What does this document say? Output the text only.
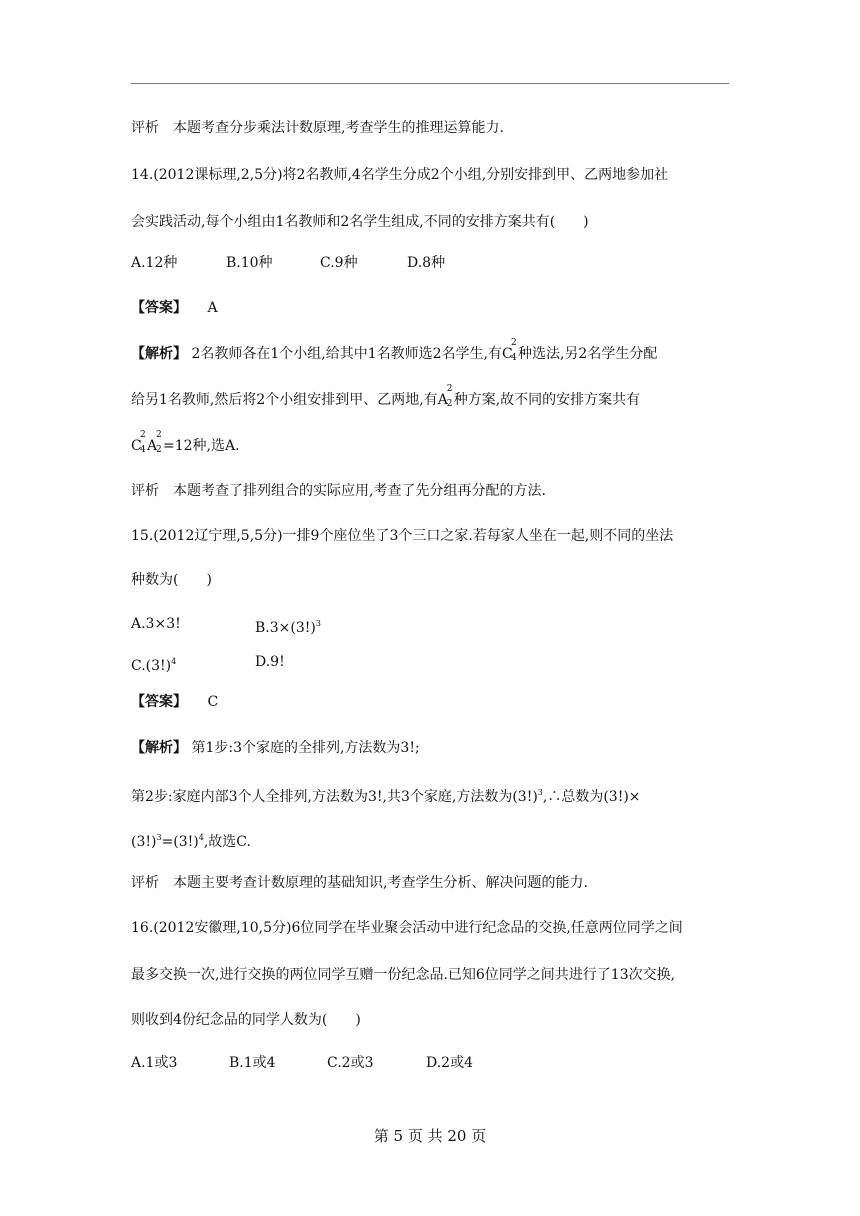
评析　本题考查分步乘法计数原理,考查学生的推理运算能力.
14.(2012课标理,2,5分)将2名教师,4名学生分成2个小组,分别安排到甲、乙两地参加社
会实践活动,每个小组由1名教师和2名学生组成,不同的安排方案共有(　　)
A.12种	B.10种	C.9种	D.8种
【答案】 A
【解析】 2名教师各在1个小组,给其中1名教师选2名学生,有C
2
4 种选法,另2名学生分配
给另1名教师,然后将2个小组安排到甲、乙两地,有A
2
2 种方案,故不同的安排方案共有
C
2
4 A
2
2 =12种,选A.
评析　本题考查了排列组合的实际应用,考查了先分组再分配的方法.
15.(2012辽宁理,5,5分)一排9个座位坐了3个三口之家.若每家人坐在一起,则不同的坐法
种数为(　　)
A.3×3!	$B.3\times(3!)^3$
$C.(3!)^4$	D.9!
【答案】 C
【解析】 第1步:3个家庭的全排列,方法数为3!;
第2步:家庭内部3个人全排列,方法数为3!,共3个家庭,方法数为$(3!)^3,\therefore$总数为(3!)×
$(3!)^3=(3!)^4$,故选C.
评析　本题主要考查计数原理的基础知识,考查学生分析、解决问题的能力.
16.(2012安徽理,10,5分)6位同学在毕业聚会活动中进行纪念品的交换,任意两位同学之间
最多交换一次,进行交换的两位同学互赠一份纪念品.已知6位同学之间共进行了13次交换,
则收到4份纪念品的同学人数为(　　)
A.1或3	B.1或4	C.2或3	D.2或4
第 5 页 共 20 页
